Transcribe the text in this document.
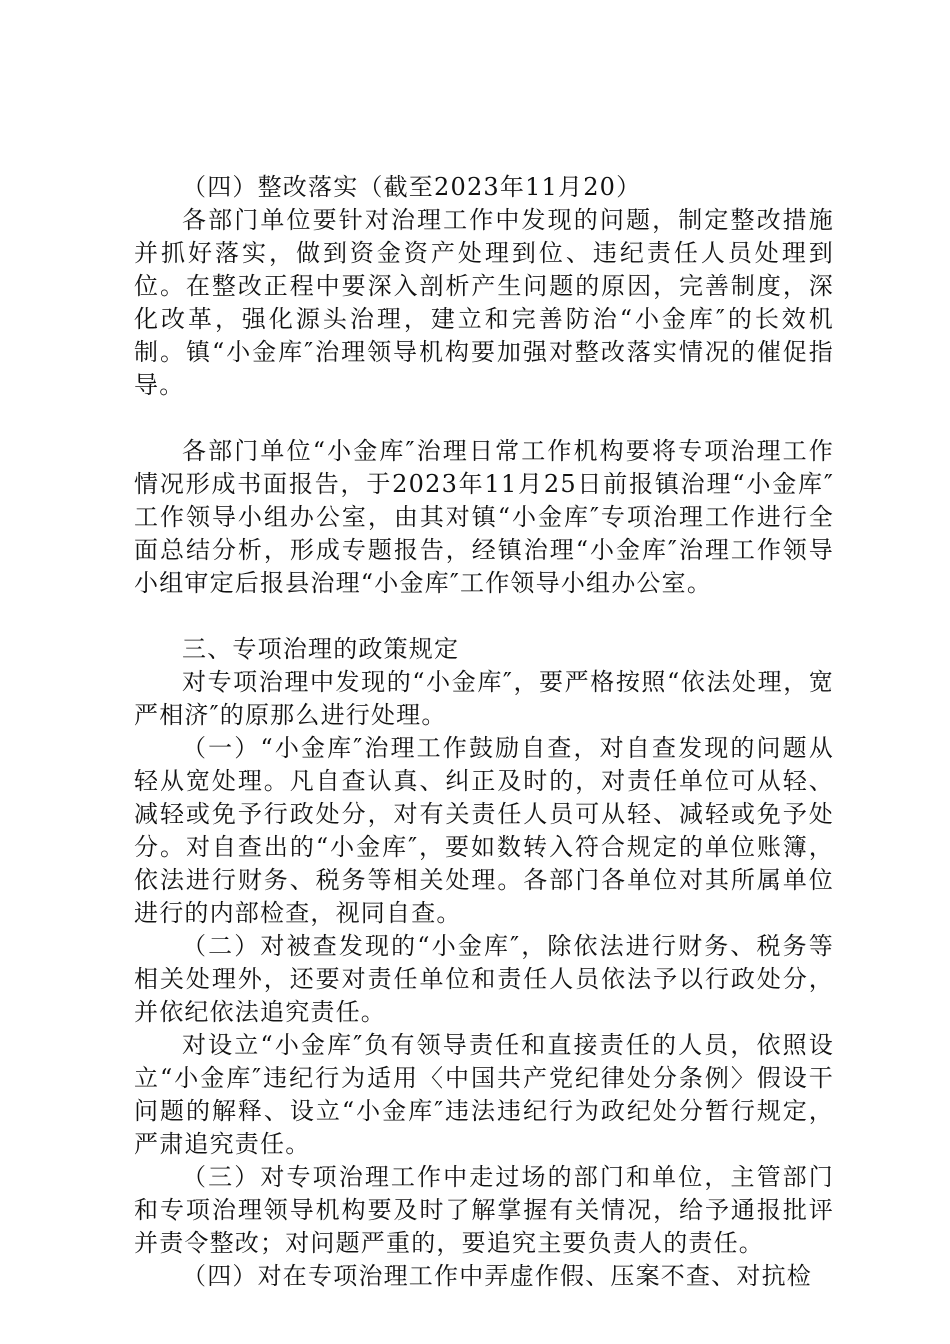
（四）整改落实（截至2023年11月20）

各部门单位要针对治理工作中发现的问题，制定整改措施并抓好落实，做到资金资产处理到位、违纪责任人员处理到位。在整改正程中要深入剖析产生问题的原因，完善制度，深化改革，强化源头治理，建立和完善防治“小金库″的长效机制。镇“小金库″治理领导机构要加强对整改落实情况的催促指导。

各部门单位“小金库″治理日常工作机构要将专项治理工作情况形成书面报告，于2023年11月25日前报镇治理“小金库″工作领导小组办公室，由其对镇“小金库″专项治理工作进行全面总结分析，形成专题报告，经镇治理“小金库″治理工作领导小组审定后报县治理“小金库″工作领导小组办公室。

三、专项治理的政策规定

对专项治理中发现的“小金库″，要严格按照“依法处理，宽严相济″的原那么进行处理。

（一）“小金库″治理工作鼓励自查，对自查发现的问题从轻从宽处理。凡自查认真、纠正及时的，对责任单位可从轻、减轻或免予行政处分，对有关责任人员可从轻、减轻或免予处分。对自查出的“小金库″，要如数转入符合规定的单位账簿，依法进行财务、税务等相关处理。各部门各单位对其所属单位进行的内部检查，视同自查。

（二）对被查发现的“小金库″，除依法进行财务、税务等相关处理外，还要对责任单位和责任人员依法予以行政处分，并依纪依法追究责任。

对设立“小金库″负有领导责任和直接责任的人员，依照设立“小金库″违纪行为适用〈中国共产党纪律处分条例〉假设干问题的解释、设立“小金库″违法违纪行为政纪处分暂行规定，严肃追究责任。

（三）对专项治理工作中走过场的部门和单位，主管部门和专项治理领导机构要及时了解掌握有关情况，给予通报批评并责令整改；对问题严重的，要追究主要负责人的责任。

（四）对在专项治理工作中弄虚作假、压案不查、对抗检
